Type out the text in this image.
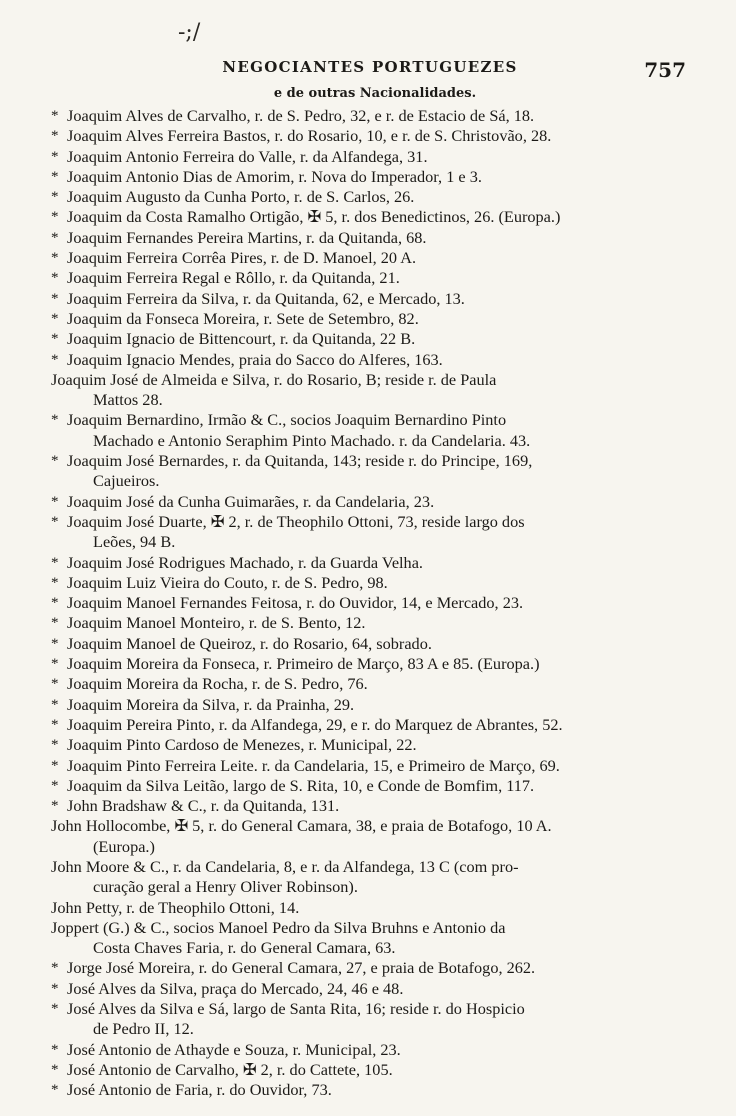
-;/
NEGOCIANTES PORTUGUEZES	757
e de outras Nacionalidades.
* Joaquim Alves de Carvalho, r. de S. Pedro, 32, e r. de Estacio de Sá, 18.
* Joaquim Alves Ferreira Bastos, r. do Rosario, 10, e r. de S. Christovão, 28.
* Joaquim Antonio Ferreira do Valle, r. da Alfandega, 31.
* Joaquim Antonio Dias de Amorim, r. Nova do Imperador, 1 e 3.
* Joaquim Augusto da Cunha Porto, r. de S. Carlos, 26.
* Joaquim da Costa Ramalho Ortigão, ✠ 5, r. dos Benedictinos, 26. (Europa.)
* Joaquim Fernandes Pereira Martins, r. da Quitanda, 68.
* Joaquim Ferreira Corrêa Pires, r. de D. Manoel, 20 A.
* Joaquim Ferreira Regal e Rôllo, r. da Quitanda, 21.
* Joaquim Ferreira da Silva, r. da Quitanda, 62, e Mercado, 13.
* Joaquim da Fonseca Moreira, r. Sete de Setembro, 82.
* Joaquim Ignacio de Bittencourt, r. da Quitanda, 22 B.
* Joaquim Ignacio Mendes, praia do Sacco do Alferes, 163.
Joaquim José de Almeida e Silva, r. do Rosario, B; reside r. de Paula
Mattos 28.
* Joaquim Bernardino, Irmão & C., socios Joaquim Bernardino Pinto
Machado e Antonio Seraphim Pinto Machado. r. da Candelaria. 43.
* Joaquim José Bernardes, r. da Quitanda, 143; reside r. do Principe, 169,
Cajueiros.
* Joaquim José da Cunha Guimarães, r. da Candelaria, 23.
* Joaquim José Duarte, ✠ 2, r. de Theophilo Ottoni, 73, reside largo dos
Leões, 94 B.
* Joaquim José Rodrigues Machado, r. da Guarda Velha.
* Joaquim Luiz Vieira do Couto, r. de S. Pedro, 98.
* Joaquim Manoel Fernandes Feitosa, r. do Ouvidor, 14, e Mercado, 23.
* Joaquim Manoel Monteiro, r. de S. Bento, 12.
* Joaquim Manoel de Queiroz, r. do Rosario, 64, sobrado.
* Joaquim Moreira da Fonseca, r. Primeiro de Março, 83 A e 85. (Europa.)
* Joaquim Moreira da Rocha, r. de S. Pedro, 76.
* Joaquim Moreira da Silva, r. da Prainha, 29.
* Joaquim Pereira Pinto, r. da Alfandega, 29, e r. do Marquez de Abrantes, 52.
* Joaquim Pinto Cardoso de Menezes, r. Municipal, 22.
* Joaquim Pinto Ferreira Leite. r. da Candelaria, 15, e Primeiro de Março, 69.
* Joaquim da Silva Leitão, largo de S. Rita, 10, e Conde de Bomfim, 117.
* John Bradshaw & C., r. da Quitanda, 131.
John Hollocombe, ✠ 5, r. do General Camara, 38, e praia de Botafogo, 10 A.
(Europa.)
John Moore & C., r. da Candelaria, 8, e r. da Alfandega, 13 C (com pro-
curação geral a Henry Oliver Robinson).
John Petty, r. de Theophilo Ottoni, 14.
Joppert (G.) & C., socios Manoel Pedro da Silva Bruhns e Antonio da
Costa Chaves Faria, r. do General Camara, 63.
* Jorge José Moreira, r. do General Camara, 27, e praia de Botafogo, 262.
* José Alves da Silva, praça do Mercado, 24, 46 e 48.
* José Alves da Silva e Sá, largo de Santa Rita, 16; reside r. do Hospicio
de Pedro II, 12.
* José Antonio de Athayde e Souza, r. Municipal, 23.
* José Antonio de Carvalho, ✠ 2, r. do Cattete, 105.
* José Antonio de Faria, r. do Ouvidor, 73.
